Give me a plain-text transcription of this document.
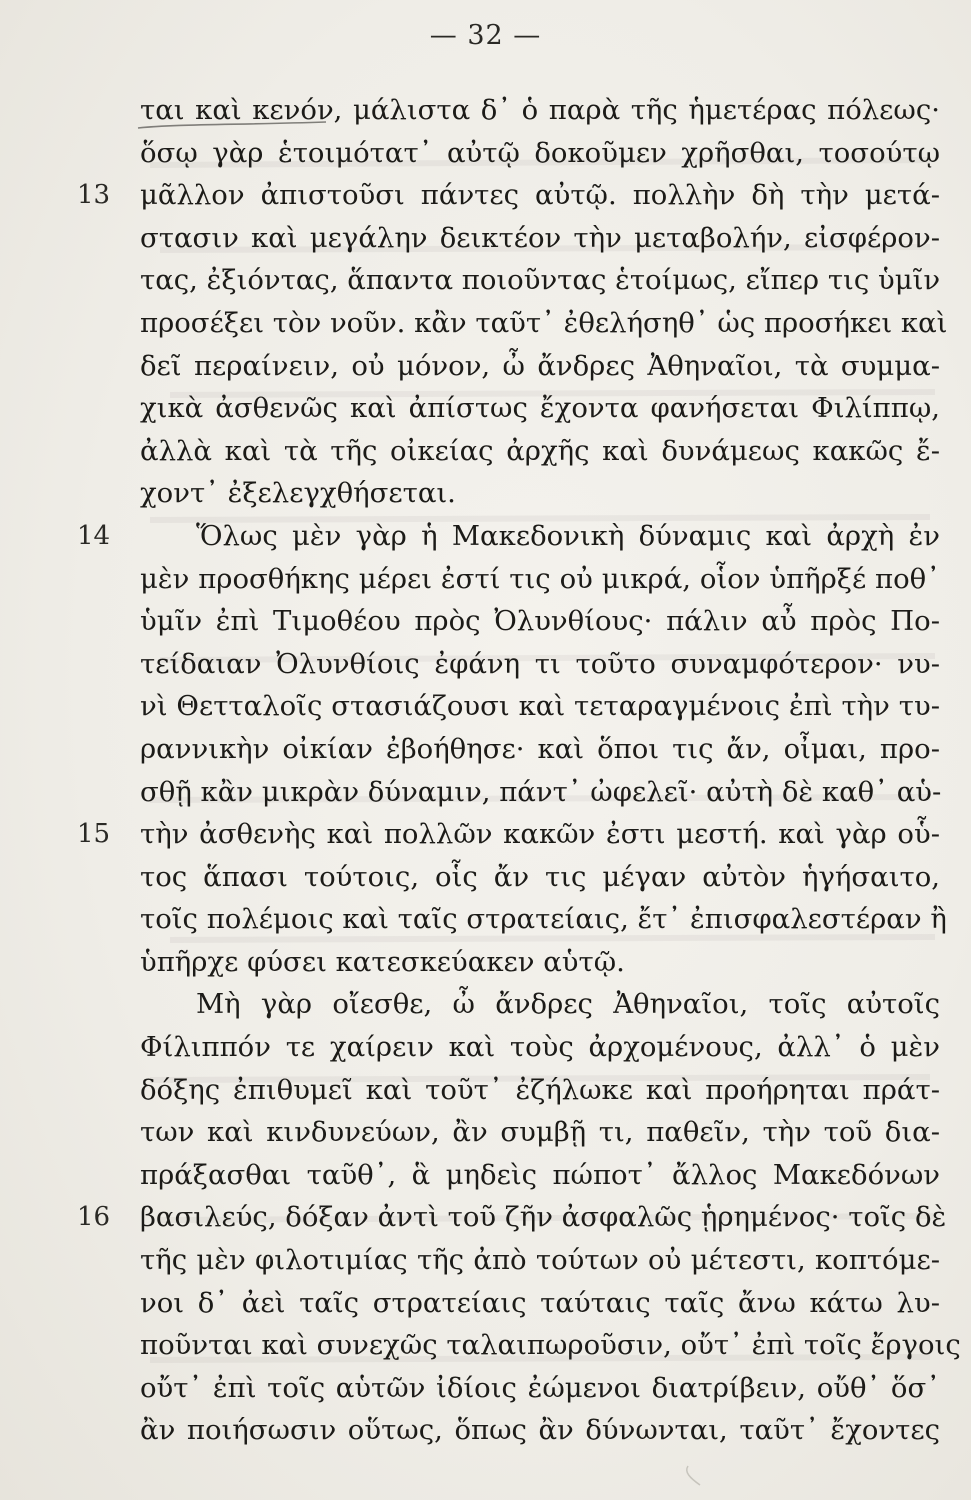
— 32 —
ται καὶ κενόν, μάλιστα δ᾿ ὁ παρὰ τῆς ἡμετέρας πόλεως·
ὅσῳ γὰρ ἑτοιμότατ᾿ αὐτῷ δοκοῦμεν χρῆσθαι, τοσούτῳ
μᾶλλον ἀπιστοῦσι πάντες αὐτῷ. πολλὴν δὴ τὴν μετά-
13
στασιν καὶ μεγάλην δεικτέον τὴν μεταβολήν, εἰσφέρον-
τας, ἐξιόντας, ἅπαντα ποιοῦντας ἑτοίμως, εἴπερ τις ὑμῖν
προσέξει τὸν νοῦν. κἂν ταῦτ᾿ ἐθελήσηθ᾿ ὡς προσήκει καὶ
δεῖ περαίνειν, οὐ μόνον, ὦ ἄνδρες Ἀθηναῖοι, τὰ συμμα-
χικὰ ἀσθενῶς καὶ ἀπίστως ἔχοντα φανήσεται Φιλίππῳ,
ἀλλὰ καὶ τὰ τῆς οἰκείας ἀρχῆς καὶ δυνάμεως κακῶς ἔ-
χοντ᾿ ἐξελεγχθήσεται.
Ὅλως μὲν γὰρ ἡ Μακεδονικὴ δύναμις καὶ ἀρχὴ ἐν
14
μὲν προσθήκης μέρει ἐστί τις οὐ μικρά, οἷον ὑπῆρξέ ποθ᾿
ὑμῖν ἐπὶ Τιμοθέου πρὸς Ὀλυνθίους· πάλιν αὖ πρὸς Πο-
τείδαιαν Ὀλυνθίοις ἐφάνη τι τοῦτο συναμφότερον· νυ-
νὶ Θετταλοῖς στασιάζουσι καὶ τεταραγμένοις ἐπὶ τὴν τυ-
ραννικὴν οἰκίαν ἐβοήθησε· καὶ ὅποι τις ἄν, οἶμαι, προ-
σθῇ κἂν μικρὰν δύναμιν, πάντ᾿ ὠφελεῖ· αὐτὴ δὲ καθ᾿ αὑ-
τὴν ἀσθενὴς καὶ πολλῶν κακῶν ἐστι μεστή. καὶ γὰρ οὗ-
15
τος ἅπασι τούτοις, οἷς ἄν τις μέγαν αὐτὸν ἡγήσαιτο,
τοῖς πολέμοις καὶ ταῖς στρατείαις, ἔτ᾿ ἐπισφαλεστέραν ἢ
ὑπῆρχε φύσει κατεσκεύακεν αὑτῷ.
Μὴ γὰρ οἴεσθε, ὦ ἄνδρες Ἀθηναῖοι, τοῖς αὐτοῖς
Φίλιππόν τε χαίρειν καὶ τοὺς ἀρχομένους, ἀλλ᾿ ὁ μὲν
δόξης ἐπιθυμεῖ καὶ τοῦτ᾿ ἐζήλωκε καὶ προήρηται πράτ-
των καὶ κινδυνεύων, ἂν συμβῇ τι, παθεῖν, τὴν τοῦ δια-
πράξασθαι ταῦθ᾿, ἃ μηδεὶς πώποτ᾿ ἄλλος Μακεδόνων
βασιλεύς, δόξαν ἀντὶ τοῦ ζῆν ἀσφαλῶς ᾑρημένος· τοῖς δὲ
16
τῆς μὲν φιλοτιμίας τῆς ἀπὸ τούτων οὐ μέτεστι, κοπτόμε-
νοι δ᾿ ἀεὶ ταῖς στρατείαις ταύταις ταῖς ἄνω κάτω λυ-
ποῦνται καὶ συνεχῶς ταλαιπωροῦσιν, οὔτ᾿ ἐπὶ τοῖς ἔργοις
οὔτ᾿ ἐπὶ τοῖς αὑτῶν ἰδίοις ἐώμενοι διατρίβειν, οὔθ᾿ ὅσ᾿
ἂν ποιήσωσιν οὕτως, ὅπως ἂν δύνωνται, ταῦτ᾿ ἔχοντες
